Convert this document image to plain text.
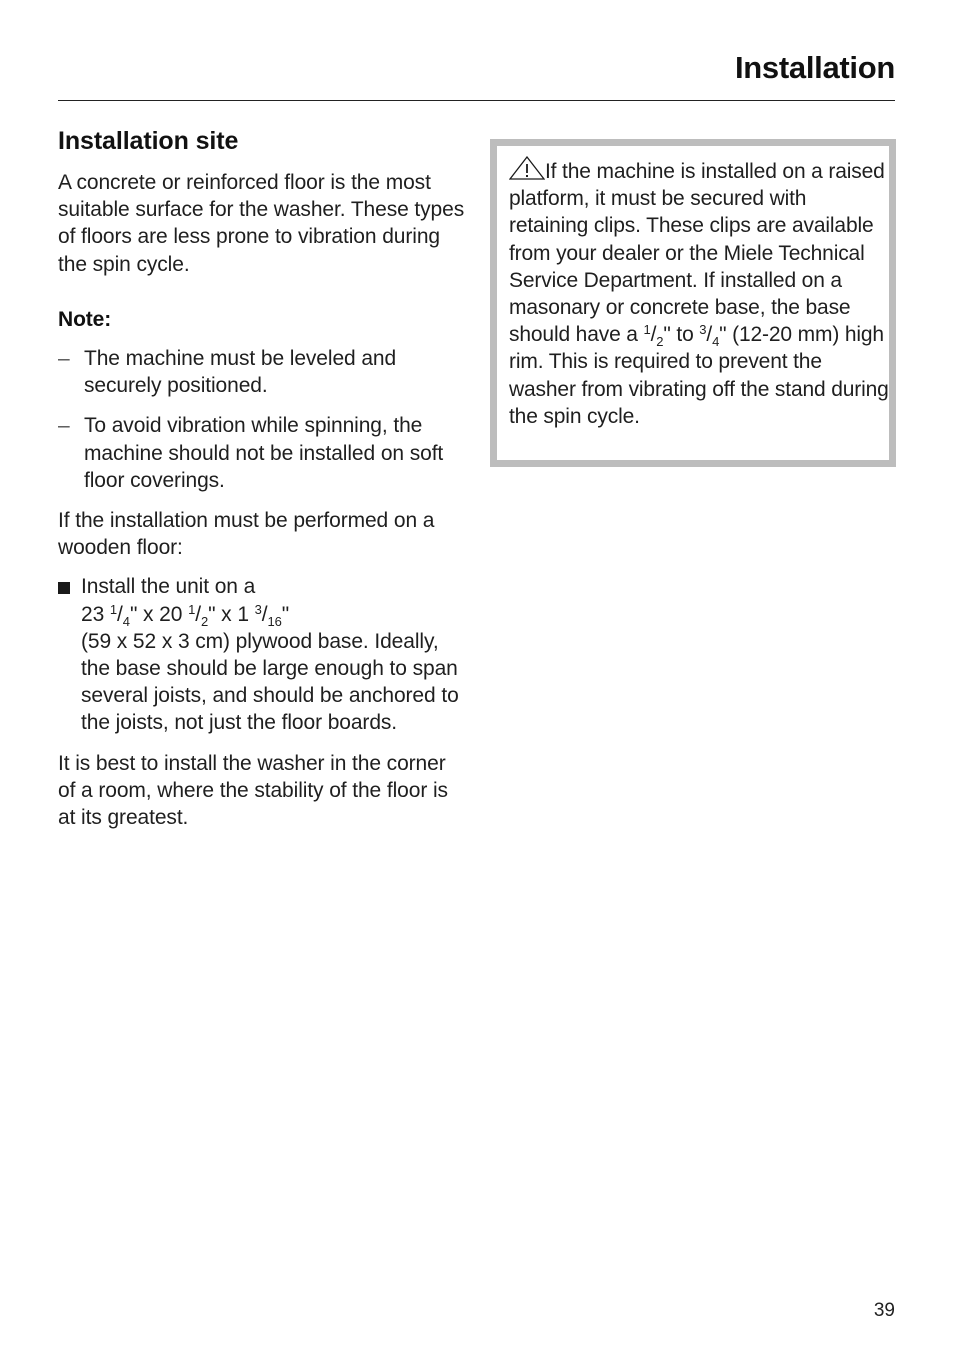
Installation
Installation site

A concrete or reinforced floor is the most suitable surface for the washer. These types of floors are less prone to vibration during the spin cycle.

Note:
– The machine must be leveled and securely positioned.
– To avoid vibration while spinning, the machine should not be installed on soft floor coverings.

If the installation must be performed on a wooden floor:

Install the unit on a
23 $^1/_4$" x 20 $^1/_2$" x 1 $^3/_{16}$"
(59 x 52 x 3 cm) plywood base. Ideally, the base should be large enough to span several joists, and should be anchored to the joists, not just the floor boards.

It is best to install the washer in the corner of a room, where the stability of the floor is at its greatest.

If the machine is installed on a raised platform, it must be secured with retaining clips. These clips are available from your dealer or the Miele Technical Service Department. If installed on a masonary or concrete base, the base should have a $^1/_2$" to $^3/_4$" (12-20 mm) high rim. This is required to prevent the washer from vibrating off the stand during the spin cycle.
39
